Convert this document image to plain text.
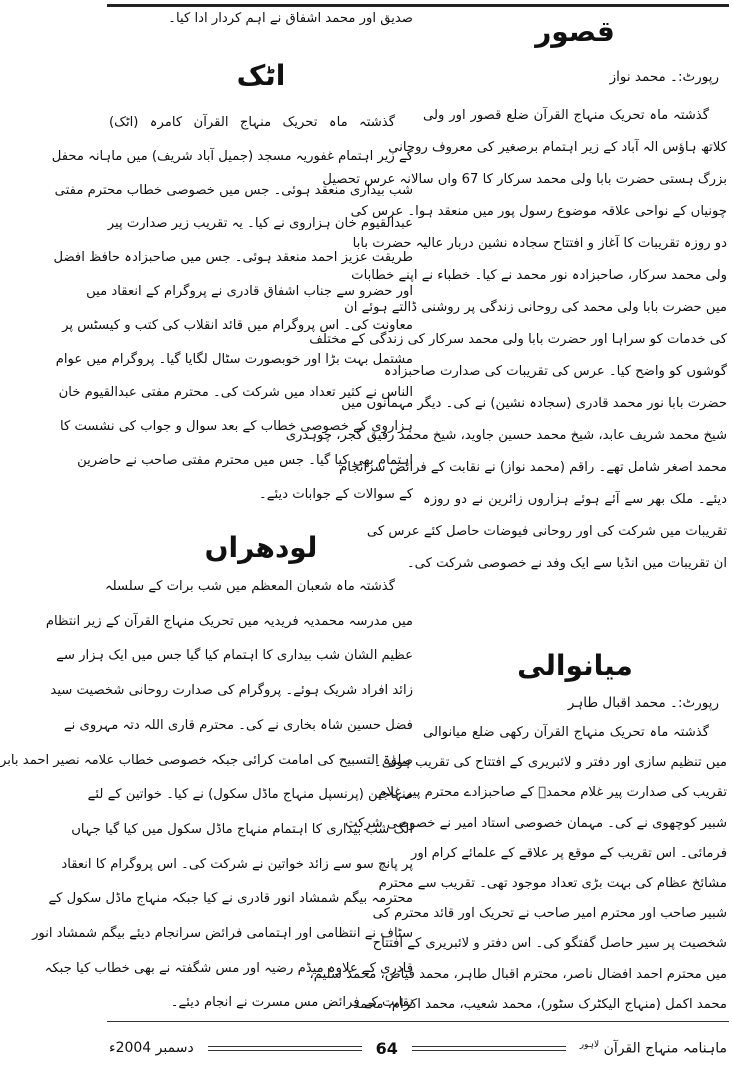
قصور
رپورٹ:۔ محمد نواز
گذشتہ ماہ تحریک منہاج القرآن ضلع قصور اور ولی
کلاتھ ہاؤس الہ آباد کے زیر اہتمام برصغیر کی معروف روحانی
بزرگ ہستی حضرت بابا ولی محمد سرکار کا 67 واں سالانہ عرس تحصیل
چونیاں کے نواحی علاقہ موضوع رسول پور میں منعقد ہوا۔ عرس کی
دو روزہ تقریبات کا آغاز و افتتاح سجادہ نشین دربار عالیہ حضرت بابا
ولی محمد سرکار، صاحبزادہ نور محمد نے کیا۔ خطباء نے اپنے خطابات
میں حضرت بابا ولی محمد کی روحانی زندگی پر روشنی ڈالتے ہوئے ان
کی خدمات کو سراہا اور حضرت بابا ولی محمد سرکار کی زندگی کے مختلف
گوشوں کو واضح کیا۔ عرس کی تقریبات کی صدارت صاحبزادہ
حضرت بابا نور محمد قادری (سجادہ نشین) نے کی۔ دیگر مہمانوں میں
شیخ محمد شریف عابد، شیخ محمد حسین جاوید، شیخ محمد رفیق گجر، چوہدری
محمد اصغر شامل تھے۔ راقم (محمد نواز) نے نقابت کے فرائض سرانجام
دیئے۔ ملک بھر سے آئے ہوئے ہزاروں زائرین نے دو روزہ
تقریبات میں شرکت کی اور روحانی فیوضات حاصل کئے عرس کی
ان تقریبات میں انڈیا سے ایک وفد نے خصوصی شرکت کی۔
میانوالی
رپورٹ:۔ محمد اقبال طاہر
گذشتہ ماہ تحریک منہاج القرآن رکھی ضلع میانوالی
میں تنظیم سازی اور دفتر و لائبریری کے افتتاح کی تقریب ہوئی۔
تقریب کی صدارت پیر غلام محمدؒ کے صاحبزادے محترم پیر غلام
شبیر کوچھوی نے کی۔ مہمان خصوصی استاد امیر نے خصوصی شرکت
فرمائی۔ اس تقریب کے موقع پر علاقے کے علمائے کرام اور
مشائخ عظام کی بہت بڑی تعداد موجود تھی۔ تقریب سے محترم
شبیر صاحب اور محترم امیر صاحب نے تحریک اور قائد محترم کی
شخصیت پر سیر حاصل گفتگو کی۔ اس دفتر و لائبریری کے افتتاح
میں محترم احمد افضال ناصر، محترم اقبال طاہر، محمد فیاض، محمد سلیم،
محمد اکمل (منہاج الیکٹرک سٹور)، محمد شعیب، محمد اکرام، محمد
صدیق اور محمد اشفاق نے اہم کردار ادا کیا۔
اٹک
گذشتہ ماہ تحریک منہاج القرآن کامرہ (اٹک)
کے زیر اہتمام غفوریہ مسجد (جمیل آباد شریف) میں ماہانہ محفل
شب بیداری منعقد ہوئی۔ جس میں خصوصی خطاب محترم مفتی
عبدالقیوم خان ہزاروی نے کیا۔ یہ تقریب زیر صدارت پیر
طریقت عزیز احمد منعقد ہوئی۔ جس میں صاحبزادہ حافظ افضل
اور حضرو سے جناب اشفاق قادری نے پروگرام کے انعقاد میں
معاونت کی۔ اس پروگرام میں قائد انقلاب کی کتب و کیسٹس پر
مشتمل بہت بڑا اور خوبصورت سٹال لگایا گیا۔ پروگرام میں عوام
الناس نے کثیر تعداد میں شرکت کی۔ محترم مفتی عبدالقیوم خان
ہزاروی کے خصوصی خطاب کے بعد سوال و جواب کی نشست کا
اہتمام بھی کیا گیا۔ جس میں محترم مفتی صاحب نے حاضرین
کے سوالات کے جوابات دیئے۔
لودھراں
گذشتہ ماہ شعبان المعظم میں شب برات کے سلسلہ
میں مدرسہ محمدیہ فریدیہ میں تحریک منہاج القرآن کے زیر انتظام
عظیم الشان شب بیداری کا اہتمام کیا گیا جس میں ایک ہزار سے
زائد افراد شریک ہوئے۔ پروگرام کی صدارت روحانی شخصیت سید
فضل حسین شاہ بخاری نے کی۔ محترم قاری اللہ دتہ مہروی نے
صلوٰۃ التسبیح کی امامت کرائی جبکہ خصوصی خطاب علامہ نصیر احمد بابر
منہاجین (پرنسپل منہاج ماڈل سکول) نے کیا۔ خواتین کے لئے
الگ شب بیداری کا اہتمام منہاج ماڈل سکول میں کیا گیا جہاں
پر پانچ سو سے زائد خواتین نے شرکت کی۔ اس پروگرام کا انعقاد
محترمہ بیگم شمشاد انور قادری نے کیا جبکہ منہاج ماڈل سکول کے
سٹاف نے انتظامی اور اہتمامی فرائض سرانجام دیئے بیگم شمشاد انور
قادری کے علاوہ میڈم رضیہ اور مس شگفتہ نے بھی خطاب کیا جبکہ
نقابت کے فرائض مس مسرت نے انجام دیئے۔
ماہنامہ منہاج القرآن $^{لاہور}$
64
دسمبر 2004ء
